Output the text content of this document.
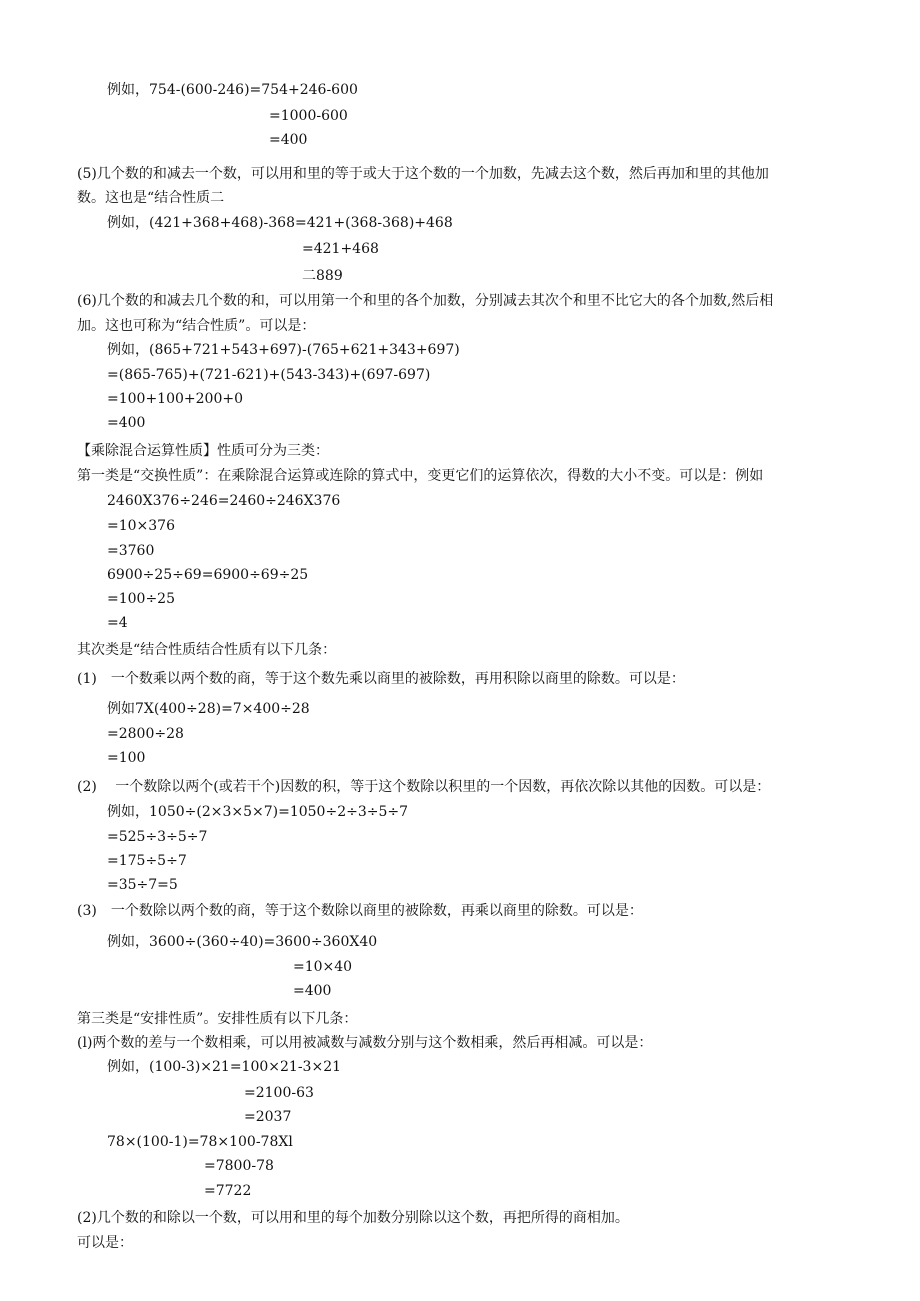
例如，754-(600-246)=754+246-600
=1000-600
=400
(5)几个数的和减去一个数，可以用和里的等于或大于这个数的一个加数，先减去这个数，然后再加和里的其他加
数。这也是“结合性质二
例如，(421+368+468)-368=421+(368-368)+468
=421+468
二889
(6)几个数的和减去几个数的和，可以用第一个和里的各个加数，分别减去其次个和里不比它大的各个加数,然后相
加。这也可称为“结合性质”。可以是：
例如，(865+721+543+697)-(765+621+343+697)
=(865-765)+(721-621)+(543-343)+(697-697)
=100+100+200+0
=400
【乘除混合运算性质】性质可分为三类：
第一类是“交换性质”：在乘除混合运算或连除的算式中，变更它们的运算依次，得数的大小不变。可以是：例如
2460X376÷246=2460÷246X376
=10×376
=3760
6900÷25÷69=6900÷69÷25
=100÷25
=4
其次类是“结合性质结合性质有以下几条：
(1)　一个数乘以两个数的商，等于这个数先乘以商里的被除数，再用积除以商里的除数。可以是：
例如7X(400÷28)=7×400÷28
=2800÷28
=100
(2)　 一个数除以两个(或若干个)因数的积，等于这个数除以积里的一个因数，再依次除以其他的因数。可以是：
例如，1050÷(2×3×5×7)=1050÷2÷3÷5÷7
=525÷3÷5÷7
=175÷5÷7
=35÷7=5
(3)　一个数除以两个数的商，等于这个数除以商里的被除数，再乘以商里的除数。可以是：
例如，3600÷(360÷40)=3600÷360X40
=10×40
=400
第三类是“安排性质”。安排性质有以下几条：
(l)两个数的差与一个数相乘，可以用被减数与减数分别与这个数相乘，然后再相减。可以是：
例如，(100-3)×21=100×21-3×21
=2100-63
=2037
78×(100-1)=78×100-78Xl
=7800-78
=7722
(2)几个数的和除以一个数，可以用和里的每个加数分别除以这个数，再把所得的商相加。
可以是：
